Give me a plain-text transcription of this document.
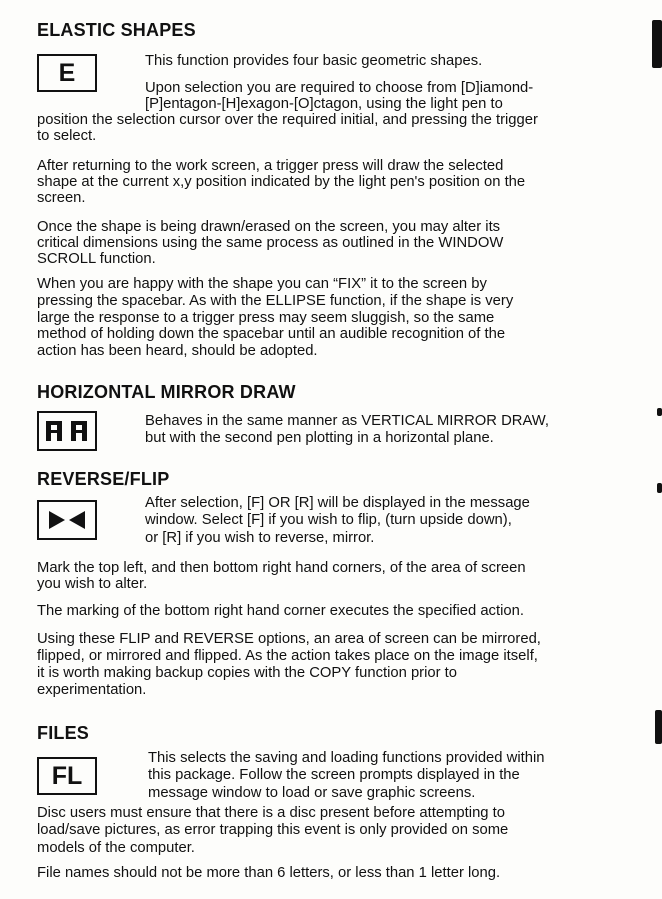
ELASTIC SHAPES
E	This function provides four basic geometric shapes.

Upon selection you are required to choose from [D]iamond-

[P]entagon-[H]exagon-[O]ctagon, using the light pen to

position the selection cursor over the required initial, and pressing the trigger

to select.

After returning to the work screen, a trigger press will draw the selected

shape at the current x,y position indicated by the light pen's position on the

screen.

Once the shape is being drawn/erased on the screen, you may alter its

critical dimensions using the same process as outlined in the WINDOW

SCROLL function.

When you are happy with the shape you can “FIX” it to the screen by

pressing the spacebar. As with the ELLIPSE function, if the shape is very

large the response to a trigger press may seem sluggish, so the same

method of holding down the spacebar until an audible recognition of the

action has been heard, should be adopted.

HORIZONTAL MIRROR DRAW

Behaves in the same manner as VERTICAL MIRROR DRAW,

but with the second pen plotting in a horizontal plane.

REVERSE/FLIP

After selection, [F] OR [R] will be displayed in the message

window. Select [F] if you wish to flip, (turn upside down),

or [R] if you wish to reverse, mirror.

Mark the top left, and then bottom right hand corners, of the area of screen

you wish to alter.

The marking of the bottom right hand corner executes the specified action.

Using these FLIP and REVERSE options, an area of screen can be mirrored,

flipped, or mirrored and flipped. As the action takes place on the image itself,

it is worth making backup copies with the COPY function prior to

experimentation.

FILES
FL

This selects the saving and loading functions provided within

this package. Follow the screen prompts displayed in the

message window to load or save graphic screens.

Disc users must ensure that there is a disc present before attempting to

load/save pictures, as error trapping this event is only provided on some

models of the computer.

File names should not be more than 6 letters, or less than 1 letter long.
